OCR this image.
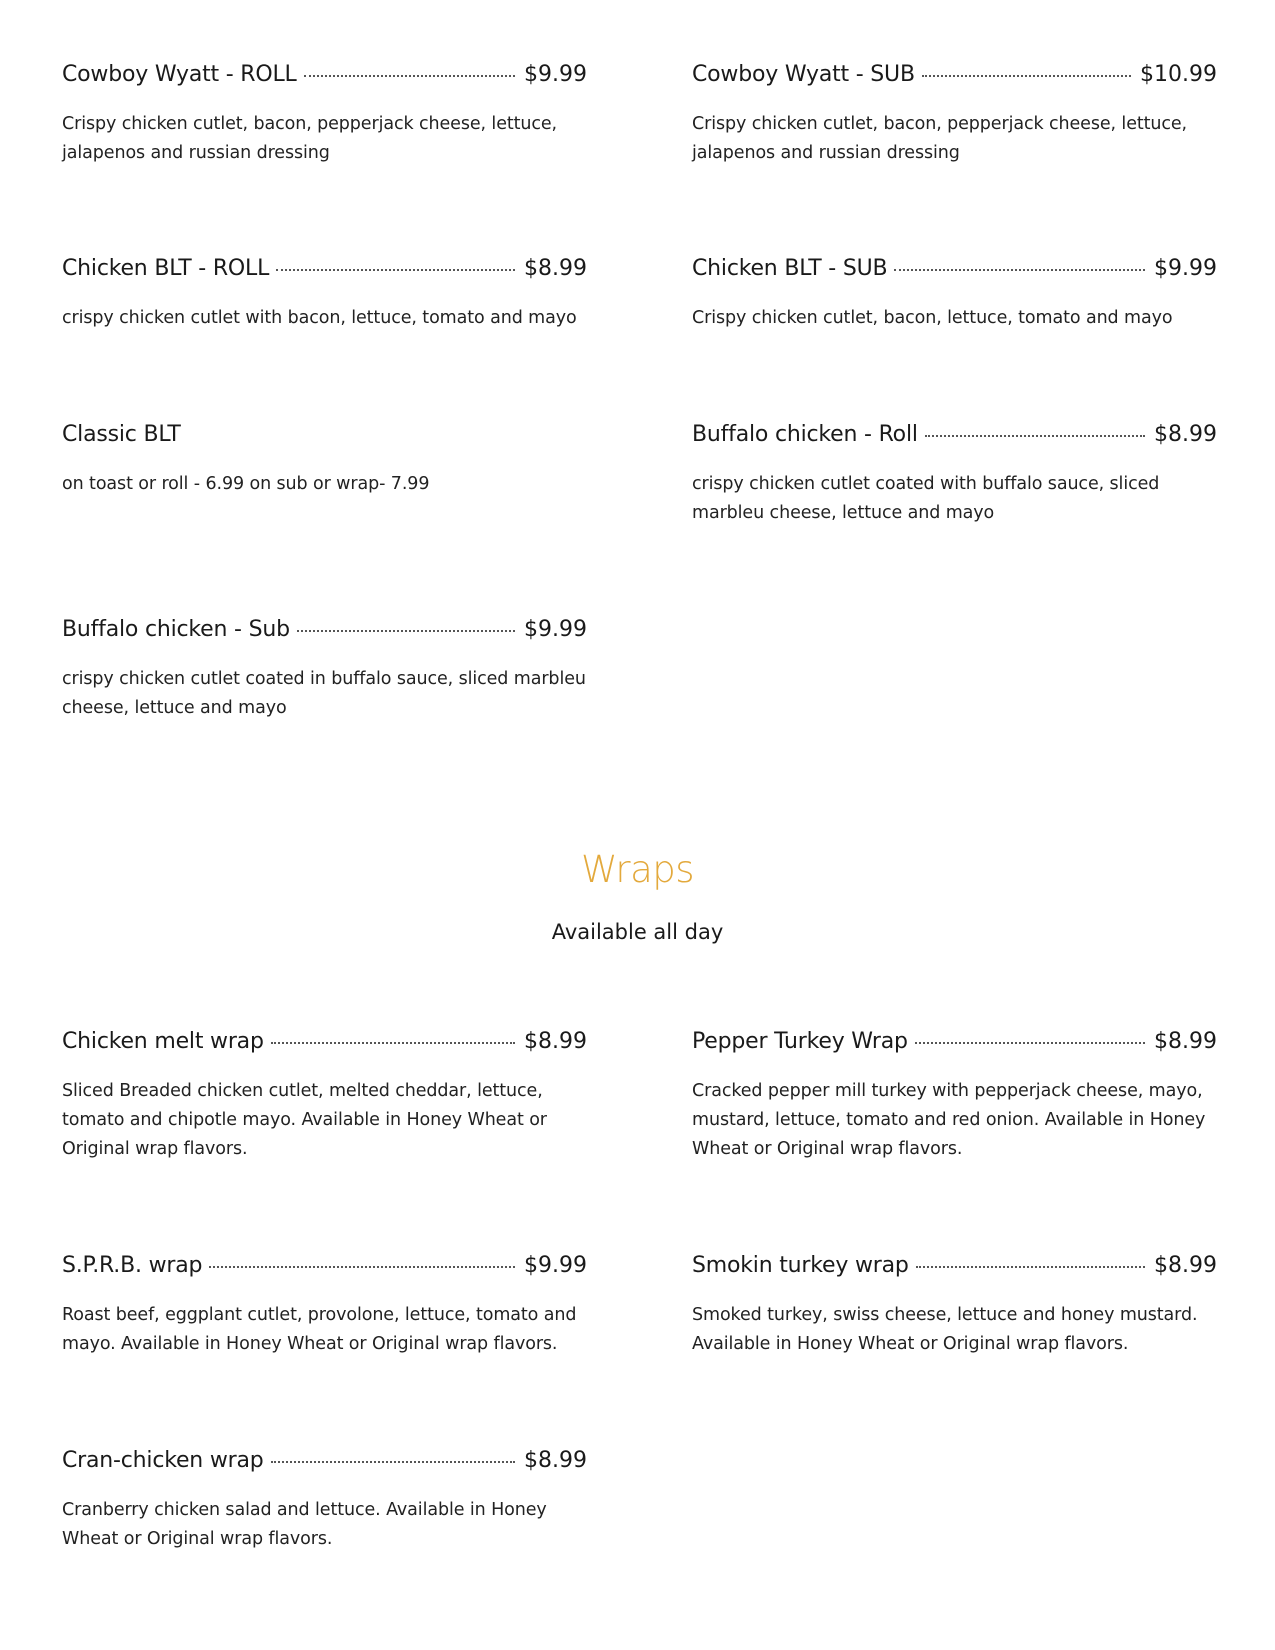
Cowboy Wyatt - ROLL	$9.99
Crispy chicken cutlet, bacon, pepperjack cheese, lettuce, jalapenos and russian dressing
Cowboy Wyatt - SUB	$10.99
Crispy chicken cutlet, bacon, pepperjack cheese, lettuce, jalapenos and russian dressing
Chicken BLT - ROLL	$8.99
crispy chicken cutlet with bacon, lettuce, tomato and mayo
Chicken BLT - SUB	$9.99
Crispy chicken cutlet, bacon, lettuce, tomato and mayo
Classic BLT
on toast or roll - 6.99 on sub or wrap- 7.99
Buffalo chicken - Roll	$8.99
crispy chicken cutlet coated with buffalo sauce, sliced marbleu cheese, lettuce and mayo
Buffalo chicken - Sub	$9.99
crispy chicken cutlet coated in buffalo sauce, sliced marbleu cheese, lettuce and mayo
Wraps
Available all day
Chicken melt wrap	$8.99
Sliced Breaded chicken cutlet, melted cheddar, lettuce, tomato and chipotle mayo. Available in Honey Wheat or Original wrap flavors.
Pepper Turkey Wrap	$8.99
Cracked pepper mill turkey with pepperjack cheese, mayo, mustard, lettuce, tomato and red onion. Available in Honey Wheat or Original wrap flavors.
S.P.R.B. wrap	$9.99
Roast beef, eggplant cutlet, provolone, lettuce, tomato and mayo. Available in Honey Wheat or Original wrap flavors.
Smokin turkey wrap	$8.99
Smoked turkey, swiss cheese, lettuce and honey mustard. Available in Honey Wheat or Original wrap flavors.
Cran-chicken wrap	$8.99
Cranberry chicken salad and lettuce. Available in Honey Wheat or Original wrap flavors.
